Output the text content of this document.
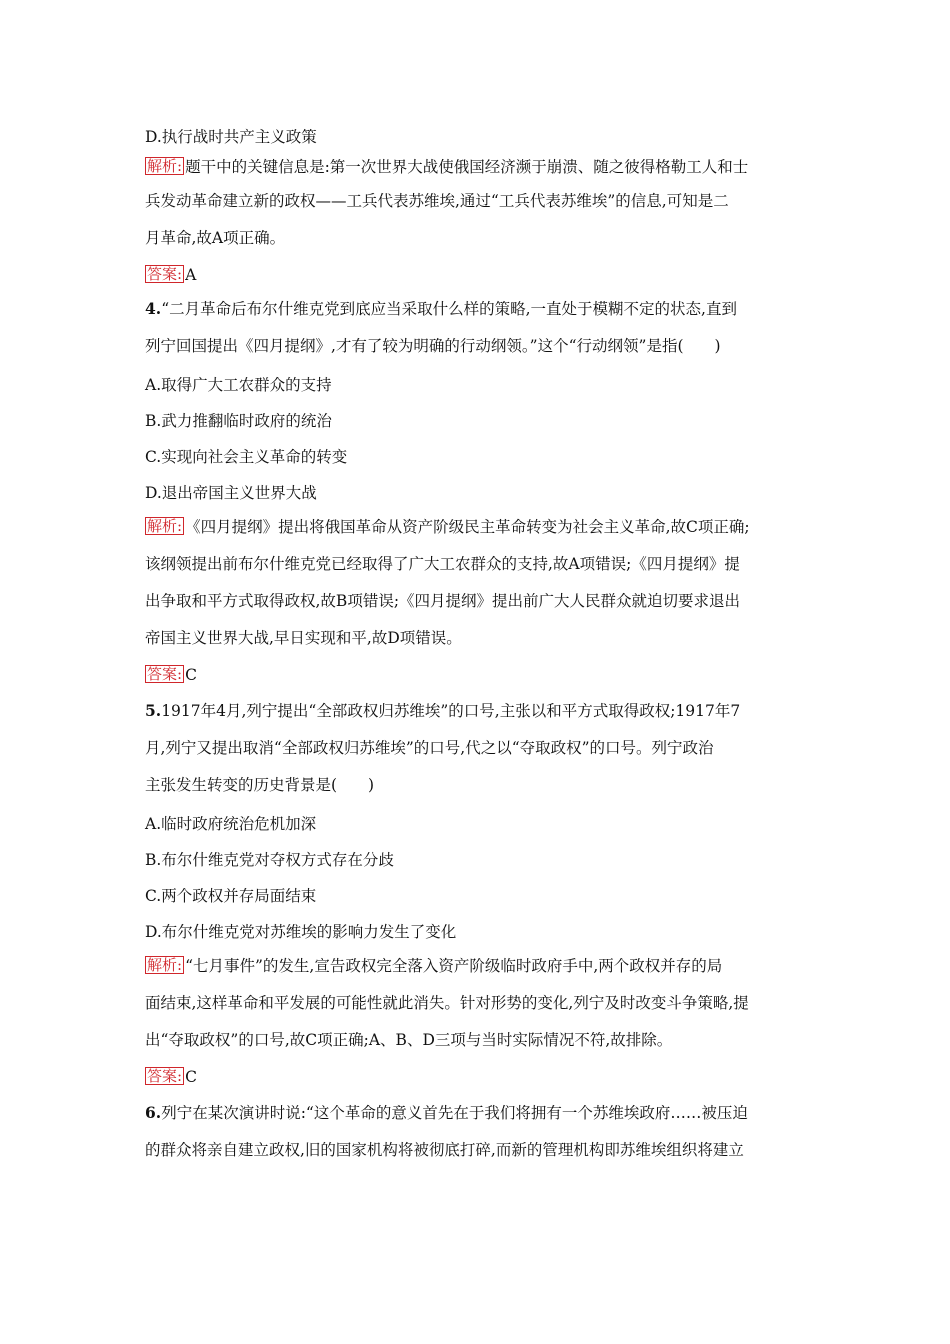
D.执行战时共产主义政策
解析: 题干中的关键信息是:第一次世界大战使俄国经济濒于崩溃、随之彼得格勒工人和士
兵发动革命建立新的政权——工兵代表苏维埃,通过“工兵代表苏维埃”的信息,可知是二
月革命,故A项正确。
答案: A
4.“二月革命后布尔什维克党到底应当采取什么样的策略,一直处于模糊不定的状态,直到
列宁回国提出《四月提纲》,才有了较为明确的行动纲领。”这个“行动纲领”是指(　　)
A.取得广大工农群众的支持
B.武力推翻临时政府的统治
C.实现向社会主义革命的转变
D.退出帝国主义世界大战
解析: 《四月提纲》提出将俄国革命从资产阶级民主革命转变为社会主义革命,故C项正确;
该纲领提出前布尔什维克党已经取得了广大工农群众的支持,故A项错误;《四月提纲》提
出争取和平方式取得政权,故B项错误;《四月提纲》提出前广大人民群众就迫切要求退出
帝国主义世界大战,早日实现和平,故D项错误。
答案: C
5.1917年4月,列宁提出“全部政权归苏维埃”的口号,主张以和平方式取得政权;1917年7
月,列宁又提出取消“全部政权归苏维埃”的口号,代之以“夺取政权”的口号。列宁政治
主张发生转变的历史背景是(　　)
A.临时政府统治危机加深
B.布尔什维克党对夺权方式存在分歧
C.两个政权并存局面结束
D.布尔什维克党对苏维埃的影响力发生了变化
解析: “七月事件”的发生,宣告政权完全落入资产阶级临时政府手中,两个政权并存的局
面结束,这样革命和平发展的可能性就此消失。针对形势的变化,列宁及时改变斗争策略,提
出“夺取政权”的口号,故C项正确;A、B、D三项与当时实际情况不符,故排除。
答案: C
6.列宁在某次演讲时说:“这个革命的意义首先在于我们将拥有一个苏维埃政府……被压迫
的群众将亲自建立政权,旧的国家机构将被彻底打碎,而新的管理机构即苏维埃组织将建立
